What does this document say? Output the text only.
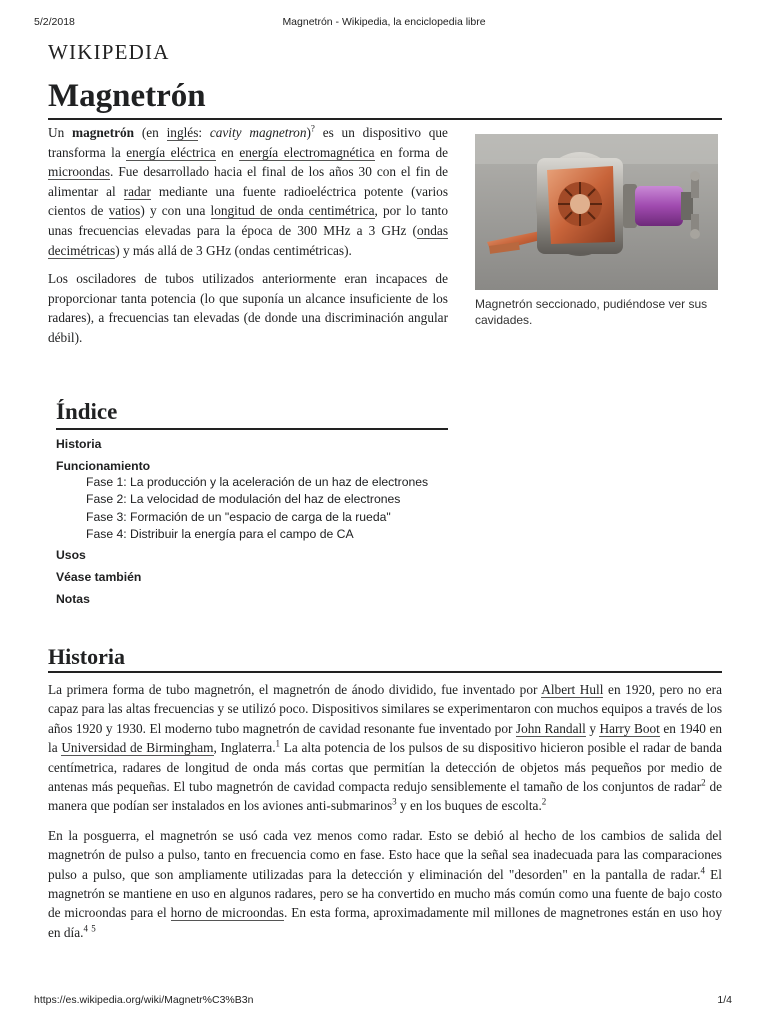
5/2/2018	Magnetrón - Wikipedia, la enciclopedia libre
WIKIPEDIA
Magnetrón

Un magnetrón (en inglés: cavity magnetron)? es un dispositivo que transforma la energía eléctrica en energía electromagnética en forma de microondas. Fue desarrollado hacia el final de los años 30 con el fin de alimentar al radar mediante una fuente radioeléctrica potente (varios cientos de vatios) y con una longitud de onda centimétrica, por lo tanto unas frecuencias elevadas para la época de 300 MHz a 3 GHz (ondas decimétricas) y más allá de 3 GHz (ondas centimétricas).

Los osciladores de tubos utilizados anteriormente eran incapaces de proporcionar tanta potencia (lo que suponía un alcance insuficiente de los radares), a frecuencias tan elevadas (de donde una discriminación angular débil).

Magnetrón seccionado, pudiéndose ver sus cavidades.
Índice
Historia
Funcionamiento
Fase 1: La producción y la aceleración de un haz de electrones
Fase 2: La velocidad de modulación del haz de electrones
Fase 3: Formación de un "espacio de carga de la rueda"
Fase 4: Distribuir la energía para el campo de CA
Usos
Véase también
Notas
Historia

La primera forma de tubo magnetrón, el magnetrón de ánodo dividido, fue inventado por Albert Hull en 1920, pero no era capaz para las altas frecuencias y se utilizó poco. Dispositivos similares se experimentaron con muchos equipos a través de los años 1920 y 1930. El moderno tubo magnetrón de cavidad resonante fue inventado por John Randall y Harry Boot en 1940 en la Universidad de Birmingham, Inglaterra.$^1$ La alta potencia de los pulsos de su dispositivo hicieron posible el radar de banda centímetrica, radares de longitud de onda más cortas que permitían la detección de objetos más pequeños por medio de antenas más pequeñas. El tubo magnetrón de cavidad compacta redujo sensiblemente el tamaño de los conjuntos de radar$^2$ de manera que podían ser instalados en los aviones anti-submarinos$^3$ y en los buques de escolta.$^2$

En la posguerra, el magnetrón se usó cada vez menos como radar. Esto se debió al hecho de los cambios de salida del magnetrón de pulso a pulso, tanto en frecuencia como en fase. Esto hace que la señal sea inadecuada para las comparaciones pulso a pulso, que son ampliamente utilizadas para la detección y eliminación del "desorden" en la pantalla de radar.$^4$ El magnetrón se mantiene en uso en algunos radares, pero se ha convertido en mucho más común como una fuente de bajo costo de microondas para el horno de microondas. En esta forma, aproximadamente mil millones de magnetrones están en uso hoy en día.$^4$ $^5$

https://es.wikipedia.org/wiki/Magnetr%C3%B3n	1/4
